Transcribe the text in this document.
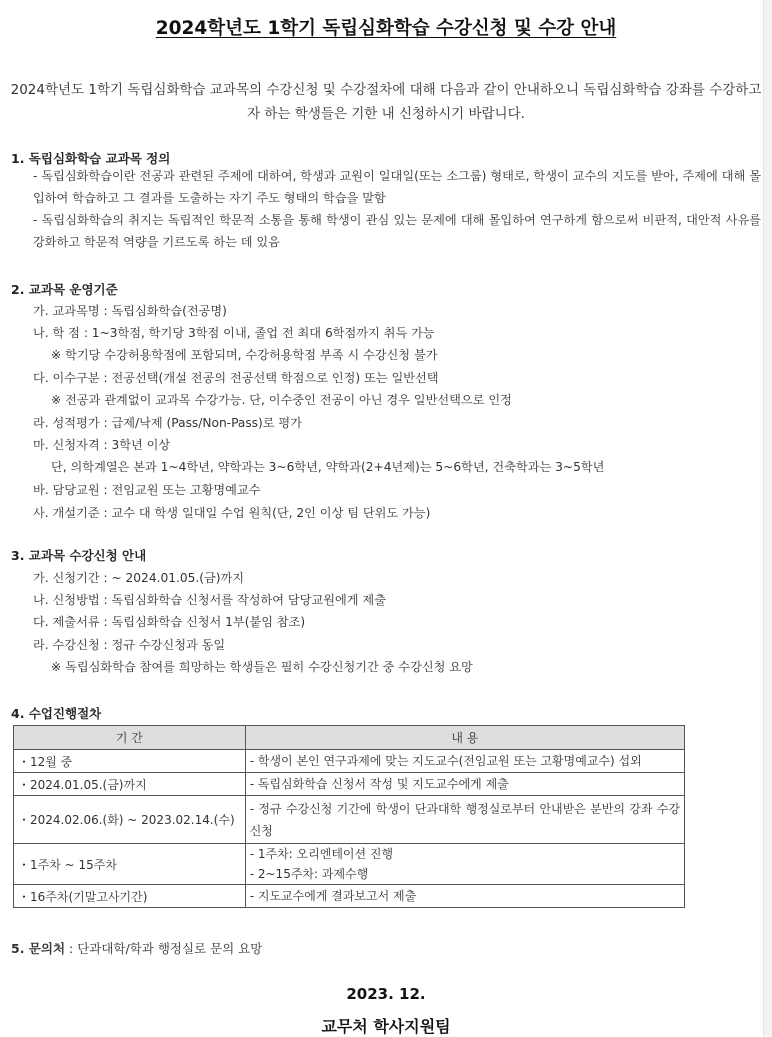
2024학년도 1학기 독립심화학습 수강신청 및 수강 안내
2024학년도 1학기 독립심화학습 교과목의 수강신청 및 수강절차에 대해 다음과 같이 안내하오니 독립심화학습 강좌를 수강하고자 하는 학생들은 기한 내 신청하시기 바랍니다.
1. 독립심화학습 교과목 정의
- 독립심화학습이란 전공과 관련된 주제에 대하여, 학생과 교원이 일대일(또는 소그룹) 형태로, 학생이 교수의 지도를 받아, 주제에 대해 몰입하여 학습하고 그 결과를 도출하는 자기 주도 형태의 학습을 말함
- 독립심화학습의 취지는 독립적인 학문적 소통을 통해 학생이 관심 있는 문제에 대해 몰입하여 연구하게 함으로써 비판적, 대안적 사유를 강화하고 학문적 역량을 기르도록 하는 데 있음
2. 교과목 운영기준
가. 교과목명 : 독립심화학습(전공명)
나. 학 점 : 1~3학점, 학기당 3학점 이내, 졸업 전 최대 6학점까지 취득 가능
※ 학기당 수강허용학점에 포함되며, 수강허용학점 부족 시 수강신청 불가
다. 이수구분 : 전공선택(개설 전공의 전공선택 학점으로 인정) 또는 일반선택
※ 전공과 관계없이 교과목 수강가능. 단, 이수중인 전공이 아닌 경우 일반선택으로 인정
라. 성적평가 : 급제/낙제 (Pass/Non-Pass)로 평가
마. 신청자격 : 3학년 이상
단, 의학계열은 본과 1~4학년, 약학과는 3~6학년, 약학과(2+4년제)는 5~6학년, 건축학과는 3~5학년
바. 담당교원 : 전임교원 또는 고황명예교수
사. 개설기준 : 교수 대 학생 일대일 수업 원칙(단, 2인 이상 팀 단위도 가능)
3. 교과목 수강신청 안내
가. 신청기간 : ~ 2024.01.05.(금)까지
나. 신청방법 : 독립심화학습 신청서를 작성하여 담당교원에게 제출
다. 제출서류 : 독립심화학습 신청서 1부(붙임 참조)
라. 수강신청 : 정규 수강신청과 동일
※ 독립심화학습 참여를 희망하는 학생들은 필히 수강신청기간 중 수강신청 요망
4. 수업진행절차
기 간	내 용
・12월 중	- 학생이 본인 연구과제에 맞는 지도교수(전임교원 또는 고황명예교수) 섭외
・2024.01.05.(금)까지	- 독립심화학습 신청서 작성 및 지도교수에게 제출
・2024.02.06.(화) ~ 2023.02.14.(수)	- 정규 수강신청 기간에 학생이 단과대학 행정실로부터 안내받은 분반의 강좌 수강신청
・1주차 ~ 15주차	- 1주차: 오리엔테이션 진행
- 2~15주차: 과제수행

・16주차(기말고사기간)	- 지도교수에게 결과보고서 제출
5. 문의처 : 단과대학/학과 행정실로 문의 요망
2023. 12.
교무처 학사지원팀
